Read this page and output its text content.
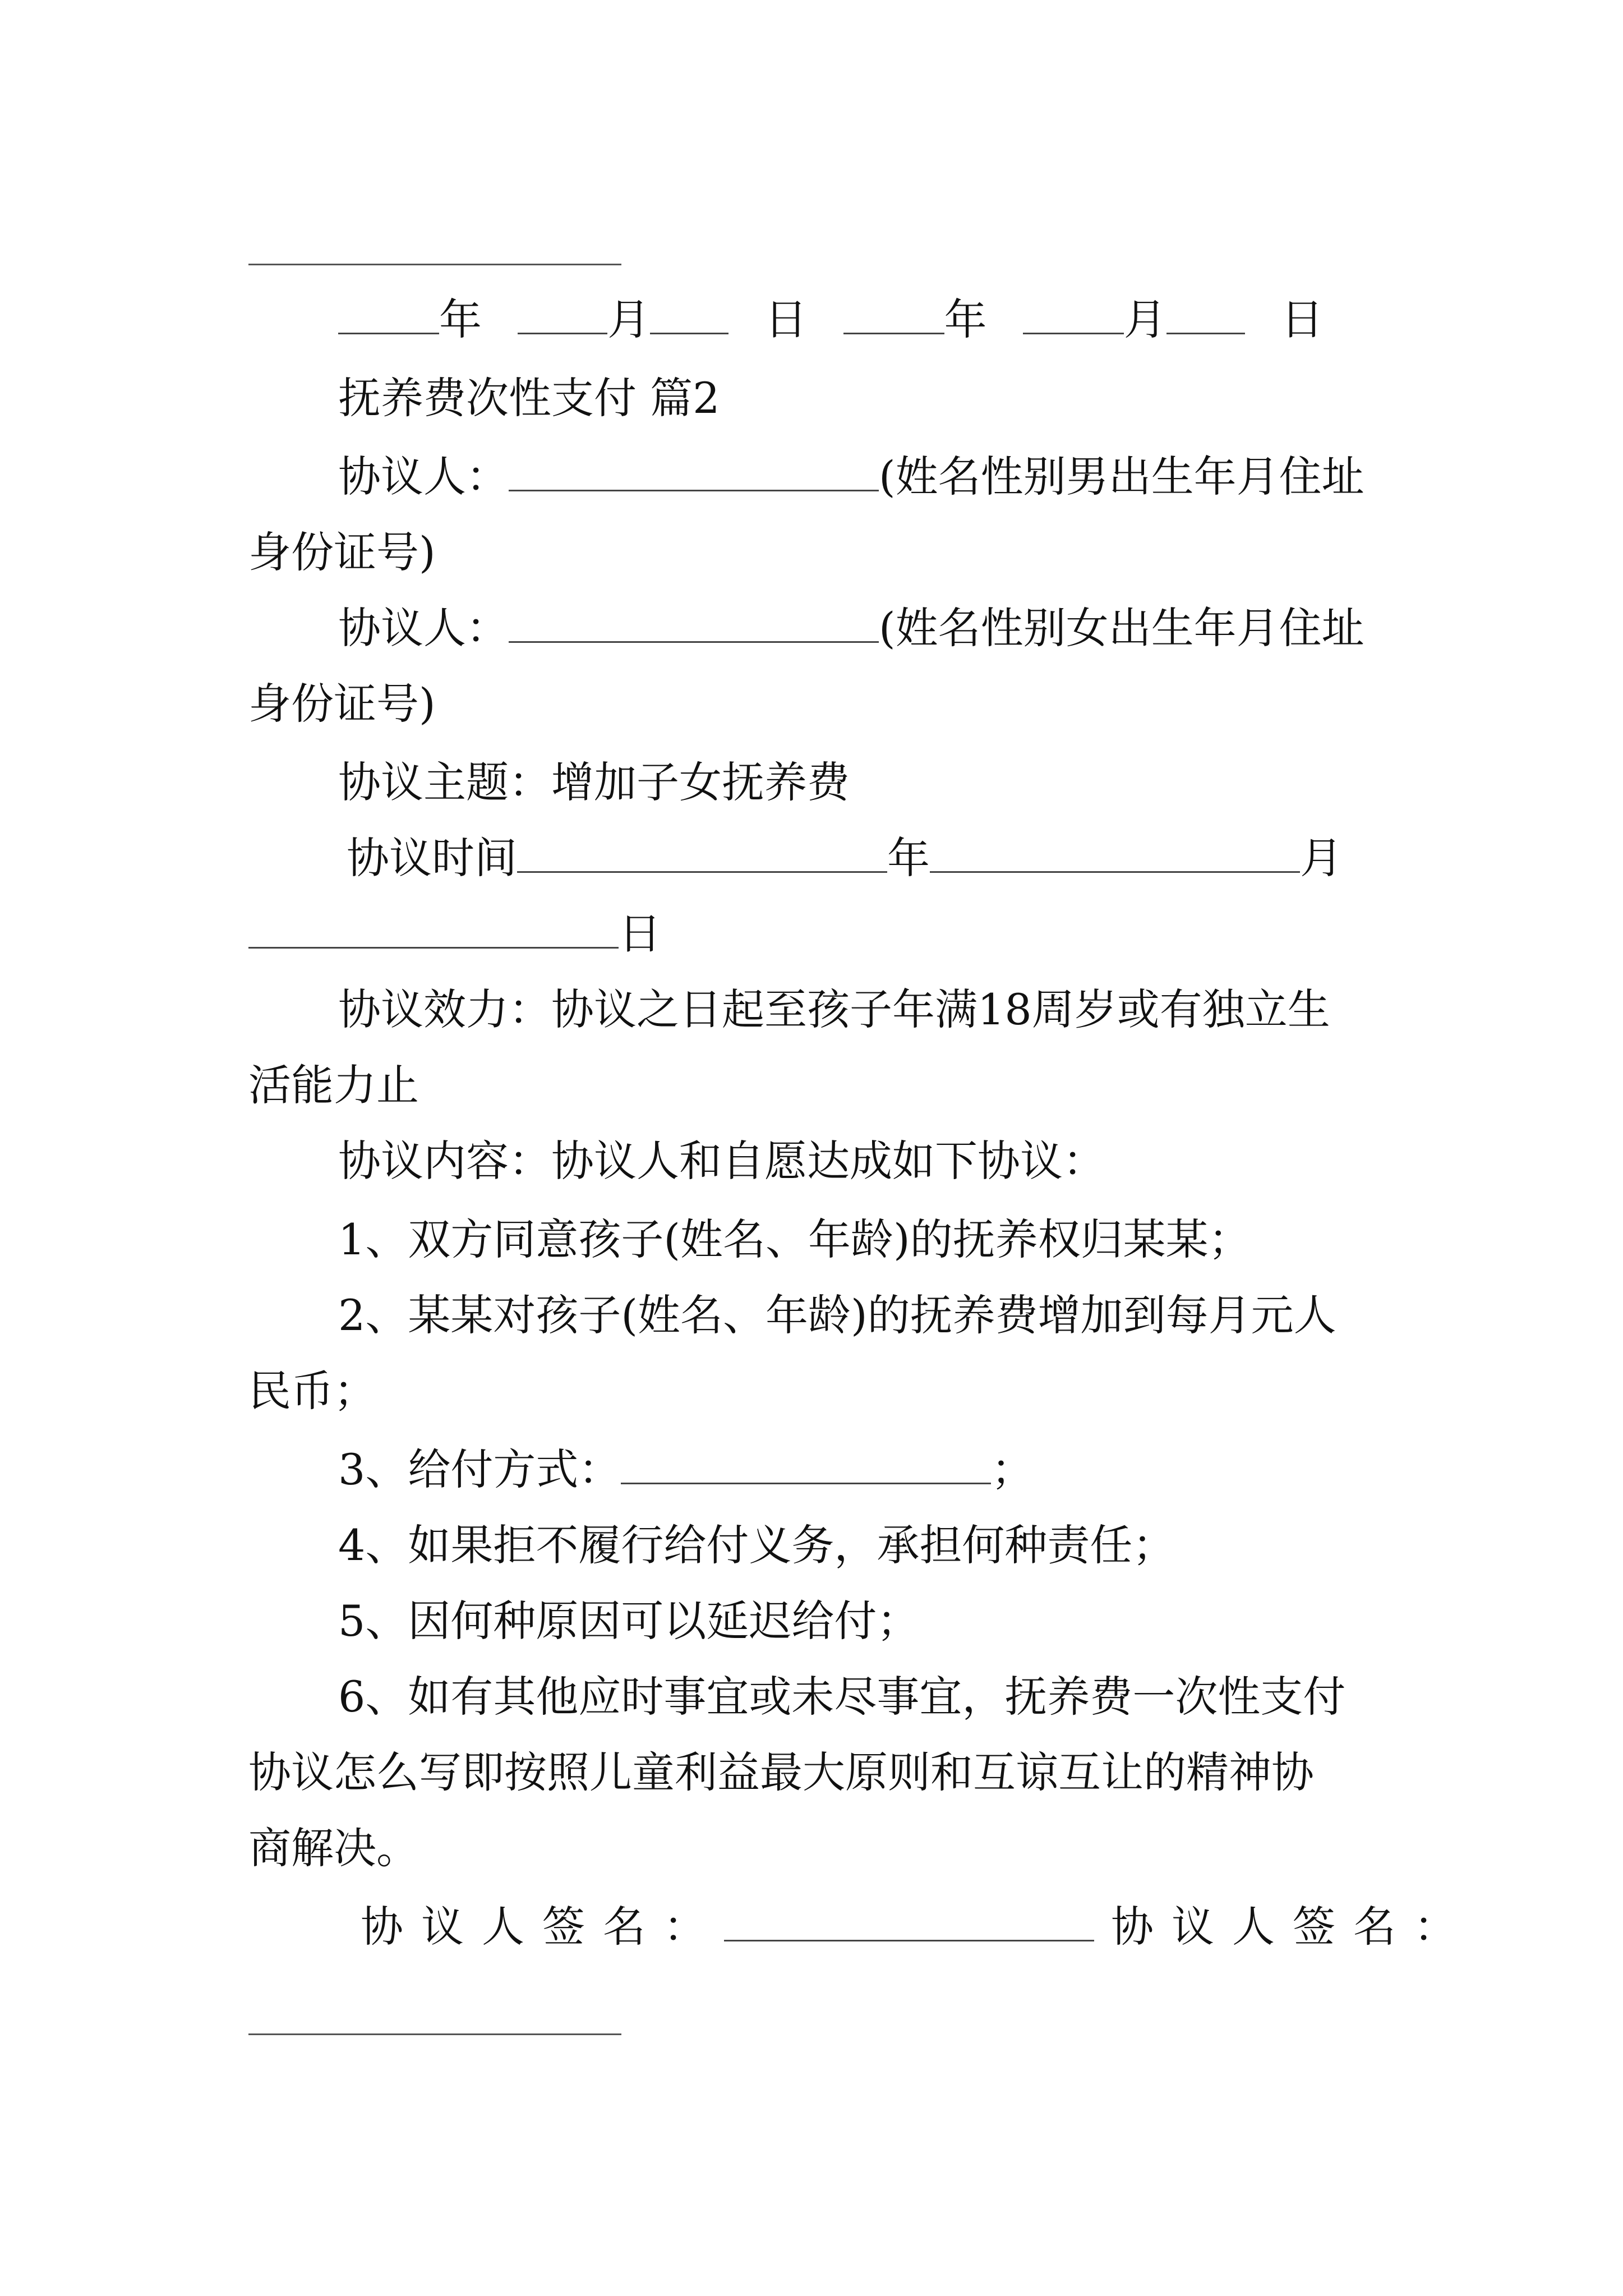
年	月	日	年	月	日
抚养费次性支付 篇2
协议人：	(姓名性别男出生年月住址
身份证号)
协议人：	(姓名性别女出生年月住址
身份证号)
协议主题：增加子女抚养费
协议时间	年	月
日
协议效力：协议之日起至孩子年满18周岁或有独立生
活能力止
协议内容：协议人和自愿达成如下协议：
1、双方同意孩子(姓名、年龄)的抚养权归某某；
2、某某对孩子(姓名、年龄)的抚养费增加到每月元人
民币；
3、给付方式：	；
4、如果拒不履行给付义务，承担何种责任；
5、因何种原因可以延迟给付；
6、如有其他应时事宜或未尽事宜，抚养费一次性支付
协议怎么写即按照儿童利益最大原则和互谅互让的精神协
商解决。
协议人签名：	协议人签名：
